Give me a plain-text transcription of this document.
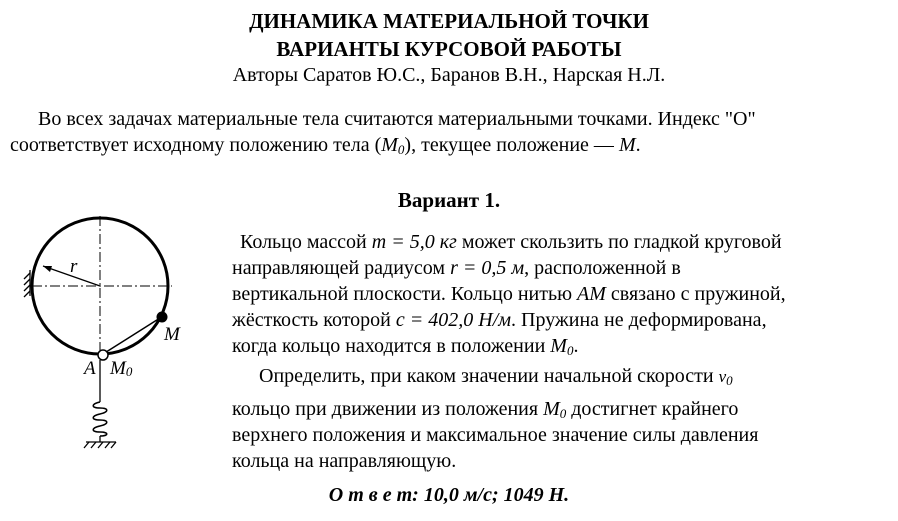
ДИНАМИКА МАТЕРИАЛЬНОЙ ТОЧКИ
ВАРИАНТЫ КУРСОВОЙ РАБОТЫ
Авторы Саратов Ю.С., Баранов В.Н., Нарская Н.Л.
Во всех задачах материальные тела считаются материальными точками. Индекс "О"
соответствует исходному положению тела $(M_0)$, текущее положение — M.
Вариант 1.
Кольцо массой m = 5,0 кг может скользить по гладкой круговой
направляющей радиусом r = 0,5 м, расположенной в
вертикальной плоскости. Кольцо нитью AM связано с пружиной,
жёсткость которой c = 402,0 Н/м. Пружина не деформирована,
когда кольцо находится в положении $M_0$.
Определить, при каком значении начальной скорости $v_0$
кольцо при движении из положения $M_0$ достигнет крайнего
верхнего положения и максимальное значение силы давления
кольца на направляющую.
О т в е т: 10,0 м/с; 1049 Н.
r
M
A M0
